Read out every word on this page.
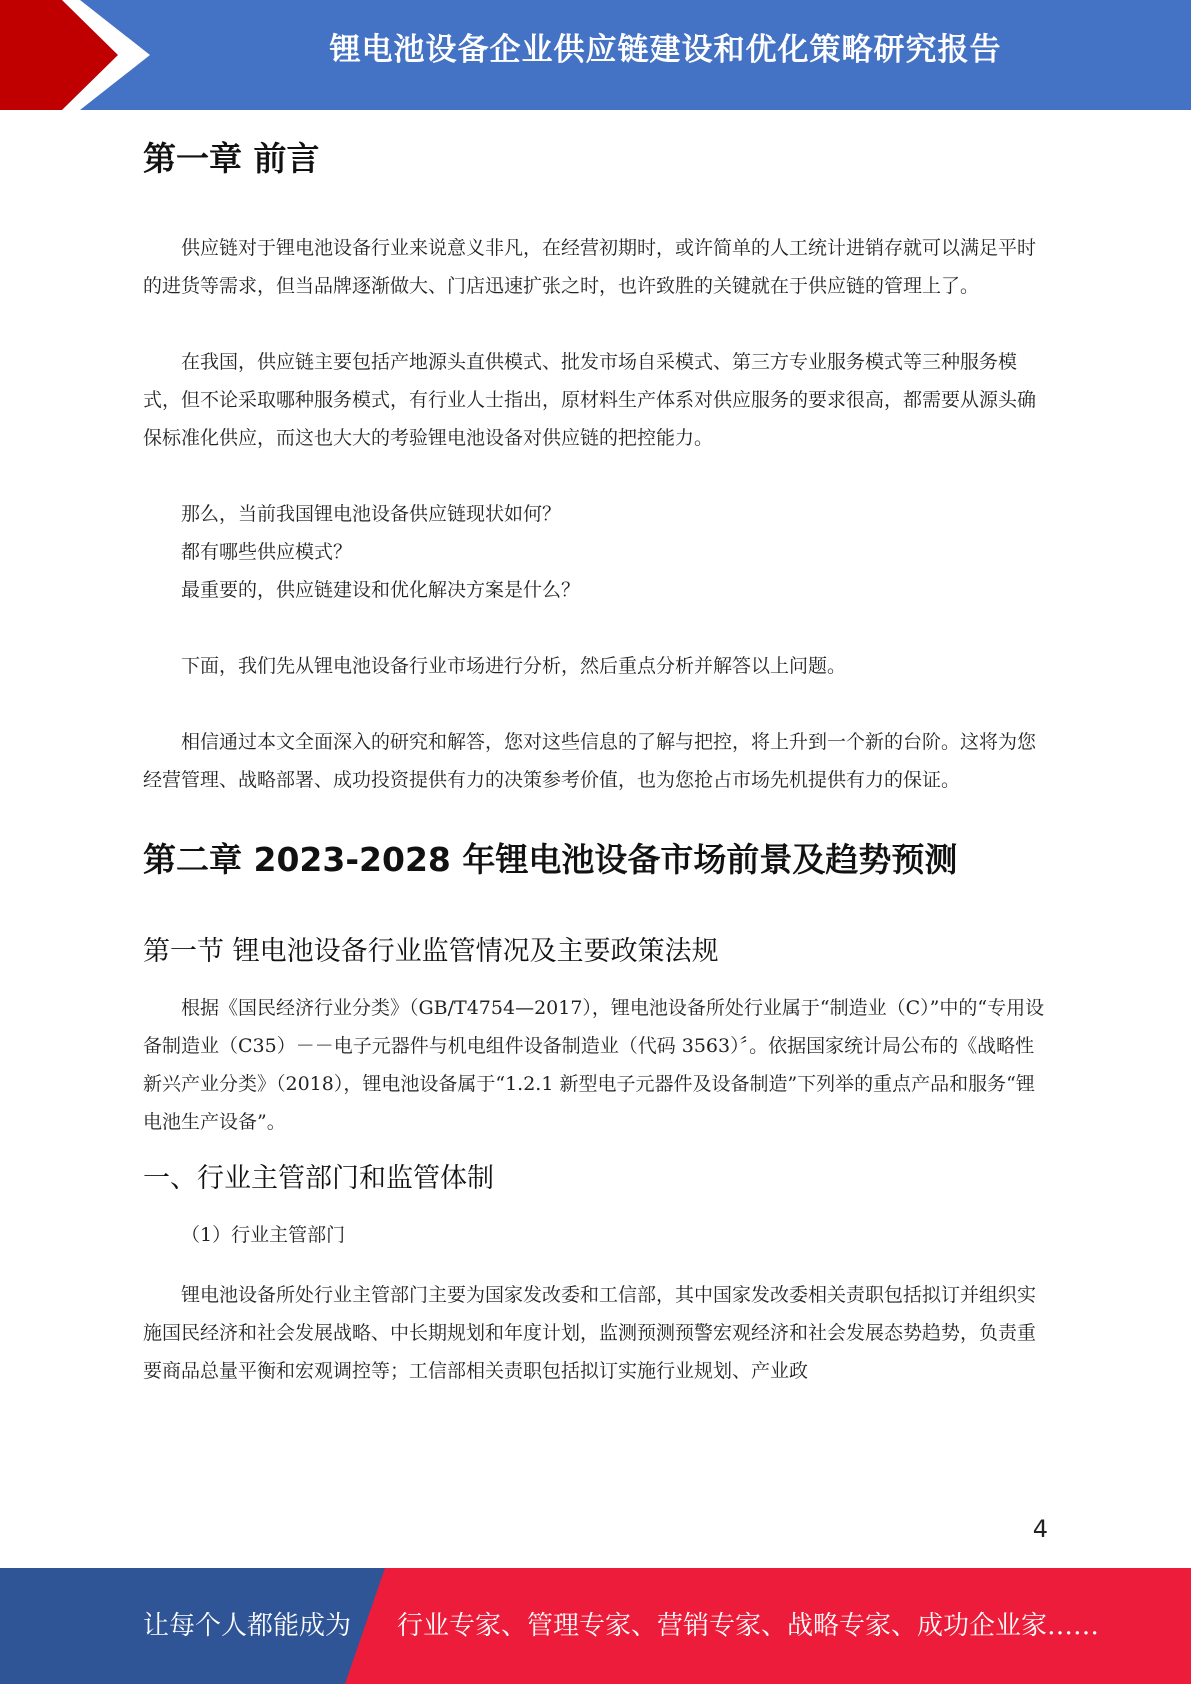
锂电池设备企业供应链建设和优化策略研究报告
第一章 前言

供应链对于锂电池设备行业来说意义非凡，在经营初期时，或许简单的人工统计进销存就可以满足平时的进货等需求，但当品牌逐渐做大、门店迅速扩张之时，也许致胜的关键就在于供应链的管理上了。

在我国，供应链主要包括产地源头直供模式、批发市场自采模式、第三方专业服务模式等三种服务模式，但不论采取哪种服务模式，有行业人士指出，原材料生产体系对供应服务的要求很高，都需要从源头确保标准化供应，而这也大大的考验锂电池设备对供应链的把控能力。

那么，当前我国锂电池设备供应链现状如何？

都有哪些供应模式？

最重要的，供应链建设和优化解决方案是什么？

下面，我们先从锂电池设备行业市场进行分析，然后重点分析并解答以上问题。

相信通过本文全面深入的研究和解答，您对这些信息的了解与把控，将上升到一个新的台阶。这将为您经营管理、战略部署、成功投资提供有力的决策参考价值，也为您抢占市场先机提供有力的保证。

第二章 2023-2028 年锂电池设备市场前景及趋势预测
第一节 锂电池设备行业监管情况及主要政策法规

根据《国民经济行业分类》（GB/T4754—2017），锂电池设备所处行业属于“制造业（C）”中的“专用设备制造业（C35）－－电子元器件与机电组件设备制造业（代码 3563）〞。依据国家统计局公布的《战略性新兴产业分类》（2018），锂电池设备属于“1.2.1 新型电子元器件及设备制造”下列举的重点产品和服务“锂电池生产设备”。

一、行业主管部门和监管体制

（1）行业主管部门

锂电池设备所处行业主管部门主要为国家发改委和工信部，其中国家发改委相关责职包括拟订并组织实施国民经济和社会发展战略、中长期规划和年度计划，监测预测预警宏观经济和社会发展态势趋势，负责重要商品总量平衡和宏观调控等；工信部相关责职包括拟订实施行业规划、产业政

4
让每个人都能成为 行业专家、管理专家、营销专家、战略专家、成功企业家……
